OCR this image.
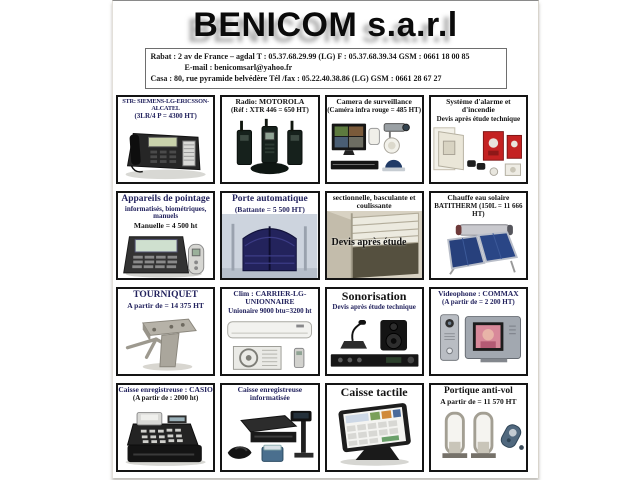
BENICOM s.a.r.l
Rabat : 2 av de France – agdal T : 05.37.68.29.99 (LG) F : 05.37.68.39.34 GSM : 0661 18 00 85
E-mail : benicomsarl@yahoo.fr
Casa : 80, rue pyramide belvédère Tél /fax : 05.22.40.38.86 (LG) GSM : 0661 28 67 27
STR: SIEMENS-LG-ERICSSON-ALCATEL
(3LR/4 P = 4300 HT)
Radio: MOTOROLA
(Réf : XTR 446 = 650 HT)
Camera de surveillance
(Caméra infra rouge = 485 HT)
Système d'alarme et d'incendie
Devis après étude technique
Appareils de pointage
informatisés, biométriques, manuels
Manuelle = 4 500 ht
Porte automatique
(Battante = 5 500 HT)
sectionnelle, basculante et coulissante
Devis après étude
Chauffe eau solaire
BATITHERM (150L = 11 666 HT)
TOURNIQUET
A partir de = 14 375 HT
Clim : CARRIER-LG-UNIONNAIRE
Unionaire 9000 btu=3200 ht
Sonorisation
Devis après étude technique
Videophone : COMMAX
(A partir de = 2 200 HT)
Caisse enregistreuse : CASIO
(A partir de : 2000 ht)
Caisse enregistreuse informatisée	Caisse tactile	Portique anti-vol
A partir de = 11 570 HT
